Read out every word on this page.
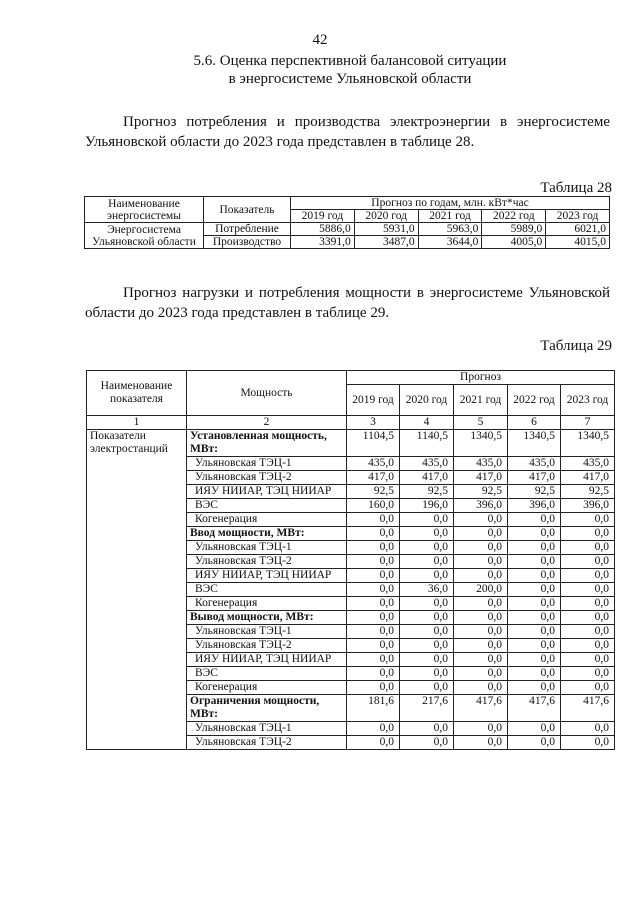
42
5.6. Оценка перспективной балансовой ситуации
в энергосистеме Ульяновской области
Прогноз потребления и производства электроэнергии в энергосистеме Ульяновской области до 2023 года представлен в таблице 28.
Таблица 28
Наименование энергосистемы	Показатель	Прогноз по годам, млн. кВт*час				
		2019 год	2020 год	2021 год	2022 год	2023 год
Энергосистема Ульяновской области	Потребление	5886,0	5931,0	5963,0	5989,0	6021,0
	Производство	3391,0	3487,0	3644,0	4005,0	4015,0
Прогноз нагрузки и потребления мощности в энергосистеме Ульяновской области до 2023 года представлен в таблице 29.
Таблица 29
Наименование показателя	Мощность	Прогноз				
		2019 год	2020 год	2021 год	2022 год	2023 год
1	2	3	4	5	6	7
Показатели электростанций	Установленная мощность, МВт:	1104,5	1140,5	1340,5	1340,5	1340,5
	Ульяновская ТЭЦ-1	435,0	435,0	435,0	435,0	435,0
	Ульяновская ТЭЦ-2	417,0	417,0	417,0	417,0	417,0
	ИЯУ НИИАР, ТЭЦ НИИАР	92,5	92,5	92,5	92,5	92,5
	ВЭС	160,0	196,0	396,0	396,0	396,0
	Когенерация	0,0	0,0	0,0	0,0	0,0
	Ввод мощности, МВт:	0,0	0,0	0,0	0,0	0,0
	Ульяновская ТЭЦ-1	0,0	0,0	0,0	0,0	0,0
	Ульяновская ТЭЦ-2	0,0	0,0	0,0	0,0	0,0
	ИЯУ НИИАР, ТЭЦ НИИАР	0,0	0,0	0,0	0,0	0,0
	ВЭС	0,0	36,0	200,0	0,0	0,0
	Когенерация	0,0	0,0	0,0	0,0	0,0
	Вывод мощности, МВт:	0,0	0,0	0,0	0,0	0,0
	Ульяновская ТЭЦ-1	0,0	0,0	0,0	0,0	0,0
	Ульяновская ТЭЦ-2	0,0	0,0	0,0	0,0	0,0
	ИЯУ НИИАР, ТЭЦ НИИАР	0,0	0,0	0,0	0,0	0,0
	ВЭС	0,0	0,0	0,0	0,0	0,0
	Когенерация	0,0	0,0	0,0	0,0	0,0
	Ограничения мощности, МВт:	181,6	217,6	417,6	417,6	417,6
	Ульяновская ТЭЦ-1	0,0	0,0	0,0	0,0	0,0
	Ульяновская ТЭЦ-2	0,0	0,0	0,0	0,0	0,0
